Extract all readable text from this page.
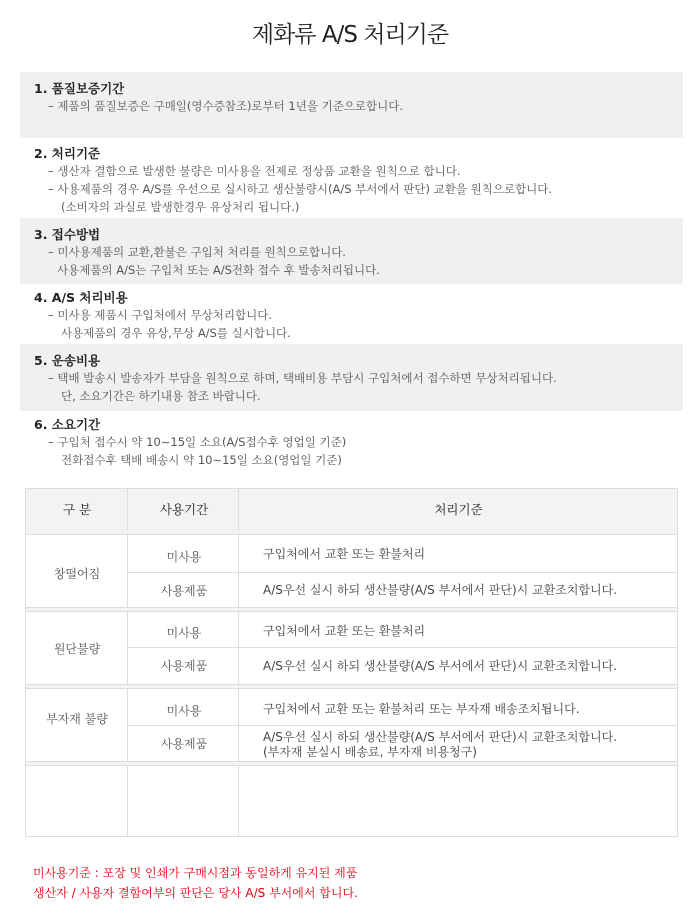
제화류 A/S 처리기준
1. 품질보증기간
– 제품의 품질보증은 구매일(영수증참조)로부터 1년을 기준으로합니다.
2. 처리기준
– 생산자 결함으로 발생한 불량은 미사용을 전제로 정상품 교환을 원칙으로 합니다.
– 사용제품의 경우 A/S를 우선으로 실시하고 생산불량시(A/S 부서에서 판단) 교환을 원칙으로합니다.
(소비자의 과실로 발생한경우 유상처리 됩니다.)
3. 접수방법
– 미사용제품의 교환,환불은 구입처 처리를 원칙으로합니다.
사용제품의 A/S는 구입처 또는 A/S전화 접수 후 발송처리됩니다.
4. A/S 처리비용
– 미사용 제품시 구입처에서 무상처리합니다.
사용제품의 경우 유상,무상 A/S를 실시합니다.
5. 운송비용
– 택배 발송시 발송자가 부담을 원칙으로 하며, 택배비용 부담시 구입처에서 접수하면 무상처리됩니다.
단, 소요기간은 하기내용 참조 바랍니다.
6. 소요기간
– 구입처 접수시 약 10∼15일 소요(A/S접수후 영업일 기준)
전화접수후 택배 배송시 약 10∼15일 소요(영업일 기준)
구 분	사용기간	처리기준
창떨어짐
미사용	구입처에서 교환 또는 환불처리
사용제품	A/S우선 실시 하되 생산불량(A/S 부서에서 판단)시 교환조치합니다.
원단불량
미사용	구입처에서 교환 또는 환불처리
사용제품	A/S우선 실시 하되 생산불량(A/S 부서에서 판단)시 교환조치합니다.
부자재 불량
미사용	구입처에서 교환 또는 환불처리 또는 부자재 배송조치됩니다.
사용제품	A/S우선 실시 하되 생산불량(A/S 부서에서 판단)시 교환조치합니다.
(부자재 분실시 배송료, 부자재 비용청구)
미사용기준 : 포장 및 인쇄가 구매시점과 동일하게 유지된 제품
생산자 / 사용자 결함여부의 판단은 당사 A/S 부서에서 합니다.
